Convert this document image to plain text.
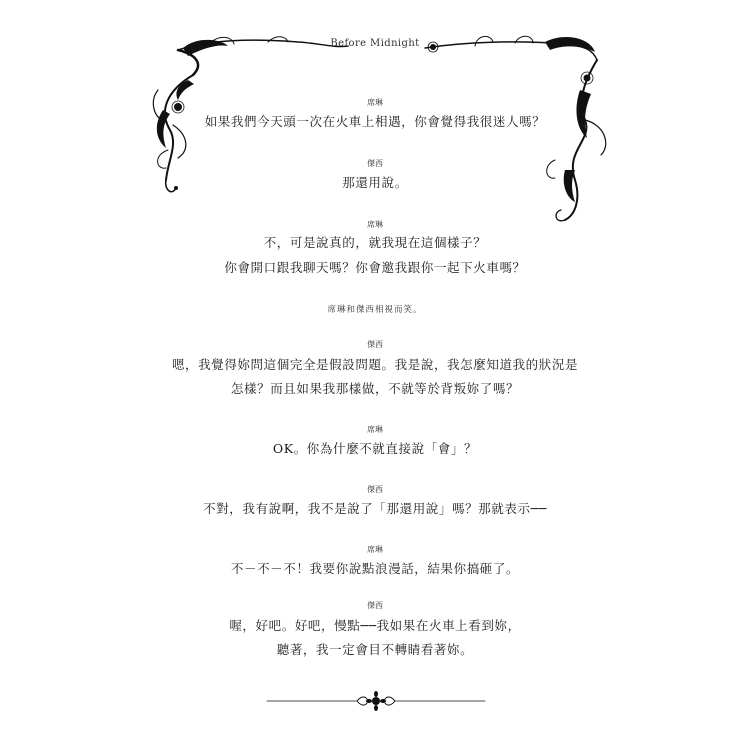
Before Midnight
席琳
如果我們今天頭一次在火車上相遇，你會覺得我很迷人嗎？
傑西
那還用說。
席琳
不，可是說真的，就我現在這個樣子？
你會開口跟我聊天嗎？你會邀我跟你一起下火車嗎？
席琳和傑西相視而笑。
傑西
嗯，我覺得妳問這個完全是假設問題。我是說，我怎麼知道我的狀況是
怎樣？而且如果我那樣做，不就等於背叛妳了嗎？
席琳
OK。你為什麼不就直接說「會」？
傑西
不對，我有說啊，我不是說了「那還用說」嗎？那就表示──
席琳
不－不－不！我要你說點浪漫話，結果你搞砸了。
傑西
喔，好吧。好吧，慢點──我如果在火車上看到妳，
聽著，我一定會目不轉睛看著妳。
